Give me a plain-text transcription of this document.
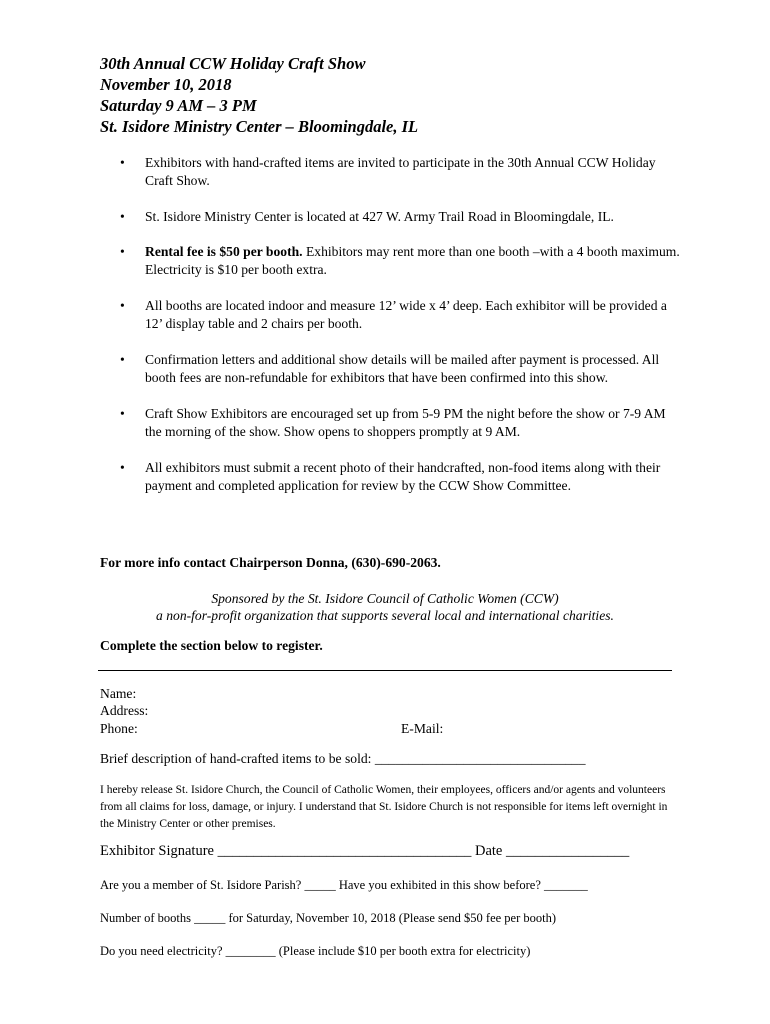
30th Annual CCW Holiday Craft Show
November 10, 2018
Saturday 9 AM – 3 PM
St. Isidore Ministry Center – Bloomingdale, IL
• Exhibitors with hand-crafted items are invited to participate in the 30th Annual CCW Holiday Craft Show.
• St. Isidore Ministry Center is located at 427 W. Army Trail Road in Bloomingdale, IL.
• Rental fee is $50 per booth. Exhibitors may rent more than one booth –with a 4 booth maximum. Electricity is $10 per booth extra.
• All booths are located indoor and measure 12’ wide x 4’ deep. Each exhibitor will be provided a 12’ display table and 2 chairs per booth.
• Confirmation letters and additional show details will be mailed after payment is processed. All booth fees are non-refundable for exhibitors that have been confirmed into this show.
• Craft Show Exhibitors are encouraged set up from 5-9 PM the night before the show or 7-9 AM the morning of the show. Show opens to shoppers promptly at 9 AM.
• All exhibitors must submit a recent photo of their handcrafted, non-food items along with their payment and completed application for review by the CCW Show Committee.
For more info contact Chairperson Donna, (630)-690-2063.
Sponsored by the St. Isidore Council of Catholic Women (CCW)
a non-for-profit organization that supports several local and international charities.
Complete the section below to register.
Name:
Address:
Phone:	E-Mail:
Brief description of hand-crafted items to be sold: _______________________________
I hereby release St. Isidore Church, the Council of Catholic Women, their employees, officers and/or agents and volunteers from all claims for loss, damage, or injury. I understand that St. Isidore Church is not responsible for items left overnight in the Ministry Center or other premises.
Exhibitor Signature ___________________________________ Date _________________
Are you a member of St. Isidore Parish? _____ Have you exhibited in this show before? _______
Number of booths _____ for Saturday, November 10, 2018 (Please send $50 fee per booth)
Do you need electricity? ________ (Please include $10 per booth extra for electricity)
